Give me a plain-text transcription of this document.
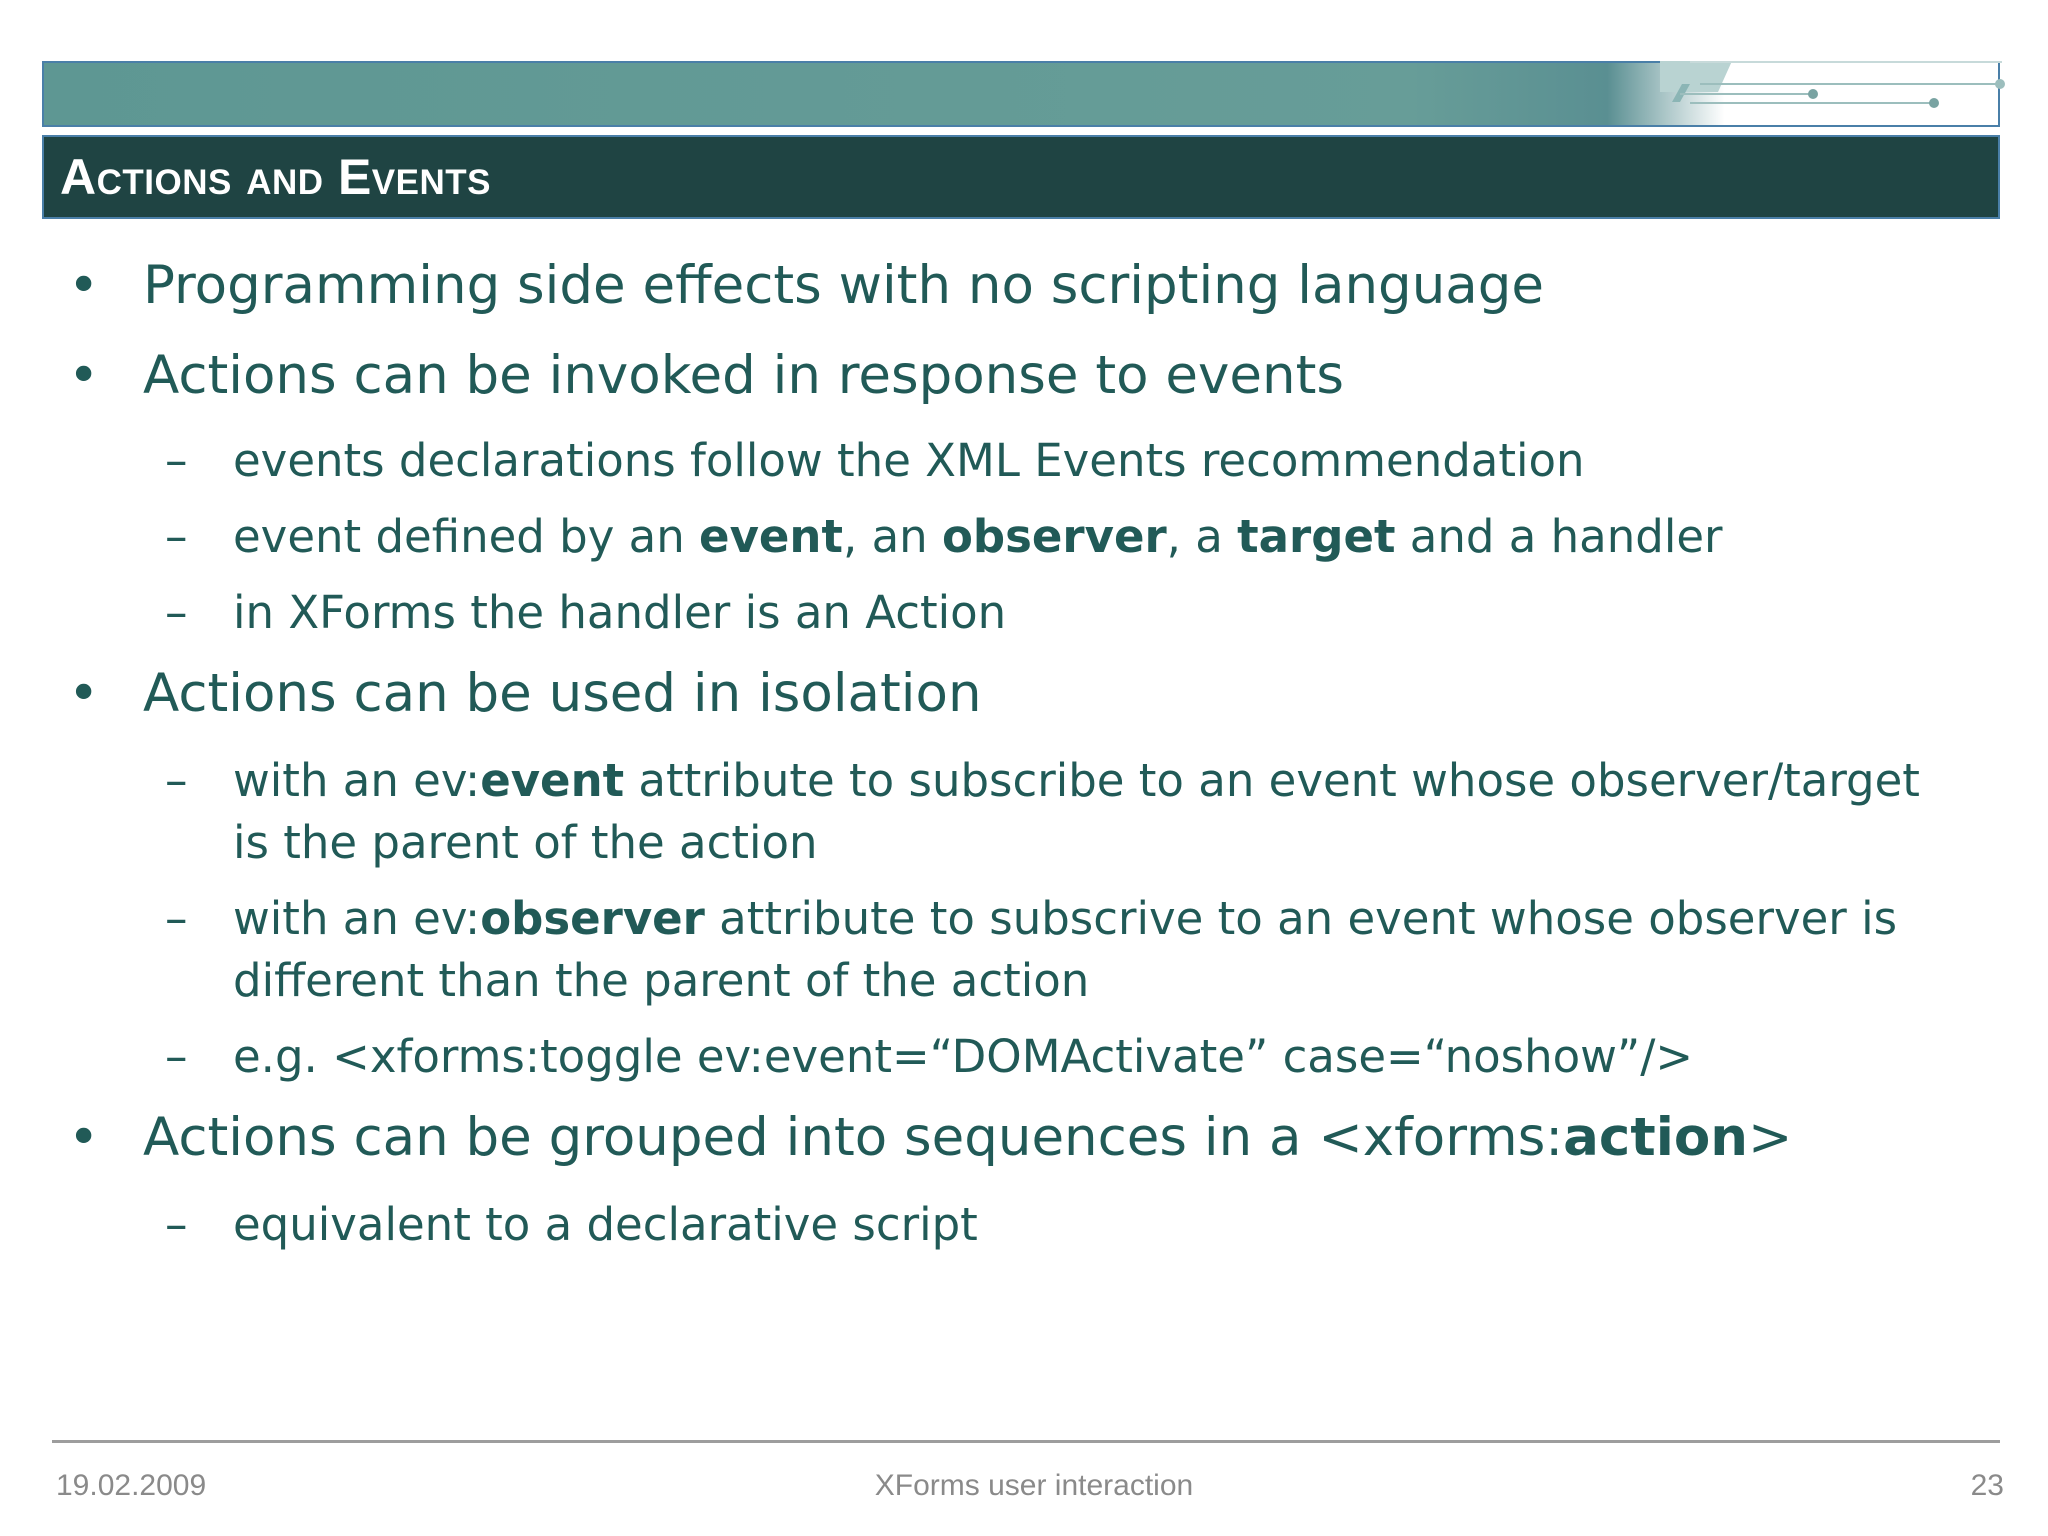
Actions and Events
• Programming side effects with no scripting language
• Actions can be invoked in response to events
– events declarations follow the XML Events recommendation
– event defined by an event, an observer, a target and a handler
– in XForms the handler is an Action
• Actions can be used in isolation
– with an ev:event attribute to subscribe to an event whose observer/target
is the parent of the action
– with an ev:observer attribute to subscrive to an event whose observer is
different than the parent of the action
– e.g. <xforms:toggle ev:event=“DOMActivate” case=“noshow”/>
• Actions can be grouped into sequences in a <xforms:action>
– equivalent to a declarative script
19.02.2009	XForms user interaction	23
